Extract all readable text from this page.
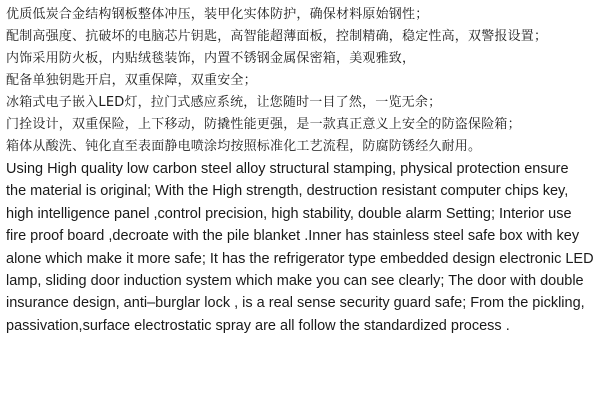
优质低炭合金结构钢板整体冲压，装甲化实体防护，确保材料原始钢性；
配制高强度、抗破坏的电脑芯片钥匙，高智能超薄面板，控制精确，稳定性高，双警报设置；
内饰采用防火板，内贴绒毯装饰，内置不锈钢金属保密箱，美观雅致，
配备单独钥匙开启，双重保障，双重安全；
冰箱式电子嵌入LED灯，拉门式感应系统，让您随时一目了然，一览无余；
门拴设计，双重保险，上下移动，防撬性能更强，是一款真正意义上安全的防盗保险箱；
箱体从酸洗、钝化直至表面静电喷涂均按照标准化工艺流程，防腐防锈经久耐用。
Using High quality low carbon steel alloy structural stamping, physical protection ensure
the material is original; With the High strength, destruction resistant computer chips key,
high intelligence panel ,control precision, high stability, double alarm Setting; Interior use
fire proof board ,decroate with the pile blanket .Inner has stainless steel safe box with key
alone which make it more safe; It has the refrigerator type embedded design electronic LED
lamp, sliding door induction system which make you can see clearly; The door with double
insurance design, anti–burglar lock , is a real sense security guard safe; From the pickling,
passivation,surface electrostatic spray are all follow the standardized process .
